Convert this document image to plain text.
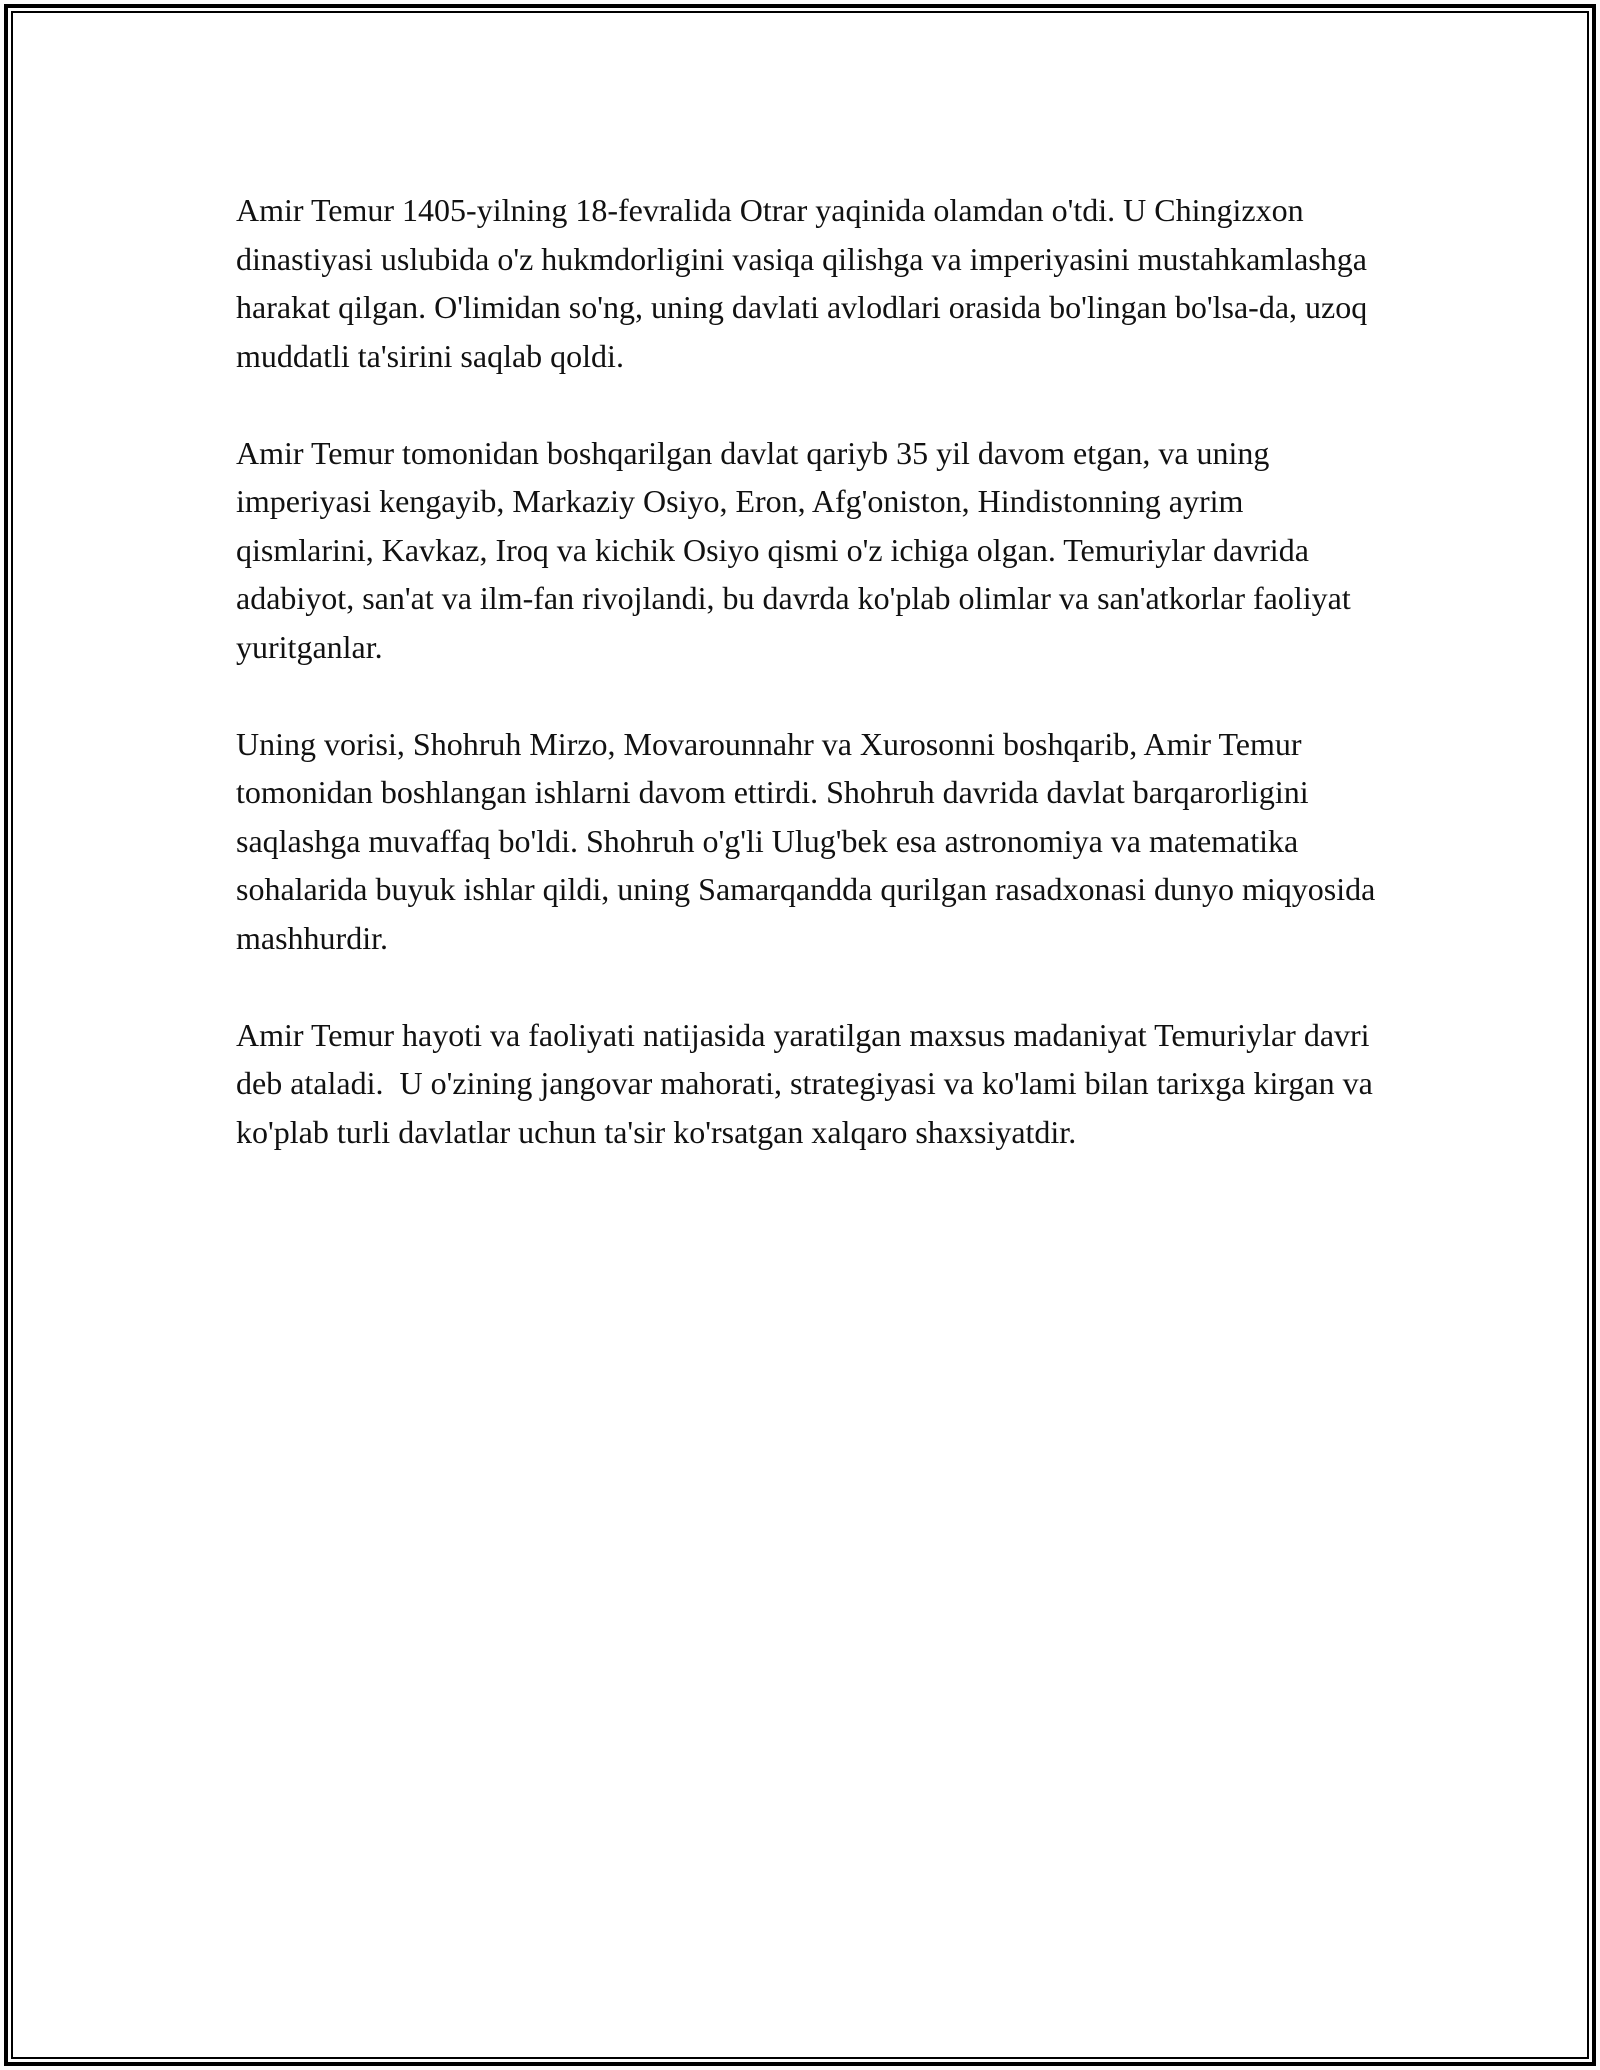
Amir Temur 1405-yilning 18-fevralida Otrar yaqinida olamdan o'tdi. U Chingizxon dinastiyasi uslubida o'z hukmdorligini vasiqa qilishga va imperiyasini mustahkamlashga harakat qilgan. O'limidan so'ng, uning davlati avlodlari orasida bo'lingan bo'lsa-da, uzoq muddatli ta'sirini saqlab qoldi.

Amir Temur tomonidan boshqarilgan davlat qariyb 35 yil davom etgan, va uning imperiyasi kengayib, Markaziy Osiyo, Eron, Afg'oniston, Hindistonning ayrim qismlarini, Kavkaz, Iroq va kichik Osiyo qismi o'z ichiga olgan. Temuriylar davrida adabiyot, san'at va ilm-fan rivojlandi, bu davrda ko'plab olimlar va san'atkorlar faoliyat yuritganlar.

Uning vorisi, Shohruh Mirzo, Movarounnahr va Xurosonni boshqarib, Amir Temur tomonidan boshlangan ishlarni davom ettirdi. Shohruh davrida davlat barqarorligini saqlashga muvaffaq bo'ldi. Shohruh o'g'li Ulug'bek esa astronomiya va matematika sohalarida buyuk ishlar qildi, uning Samarqandda qurilgan rasadxonasi dunyo miqyosida mashhurdir.

Amir Temur hayoti va faoliyati natijasida yaratilgan maxsus madaniyat Temuriylar davri deb ataladi.  U o'zining jangovar mahorati, strategiyasi va ko'lami bilan tarixga kirgan va ko'plab turli davlatlar uchun ta'sir ko'rsatgan xalqaro shaxsiyatdir.
